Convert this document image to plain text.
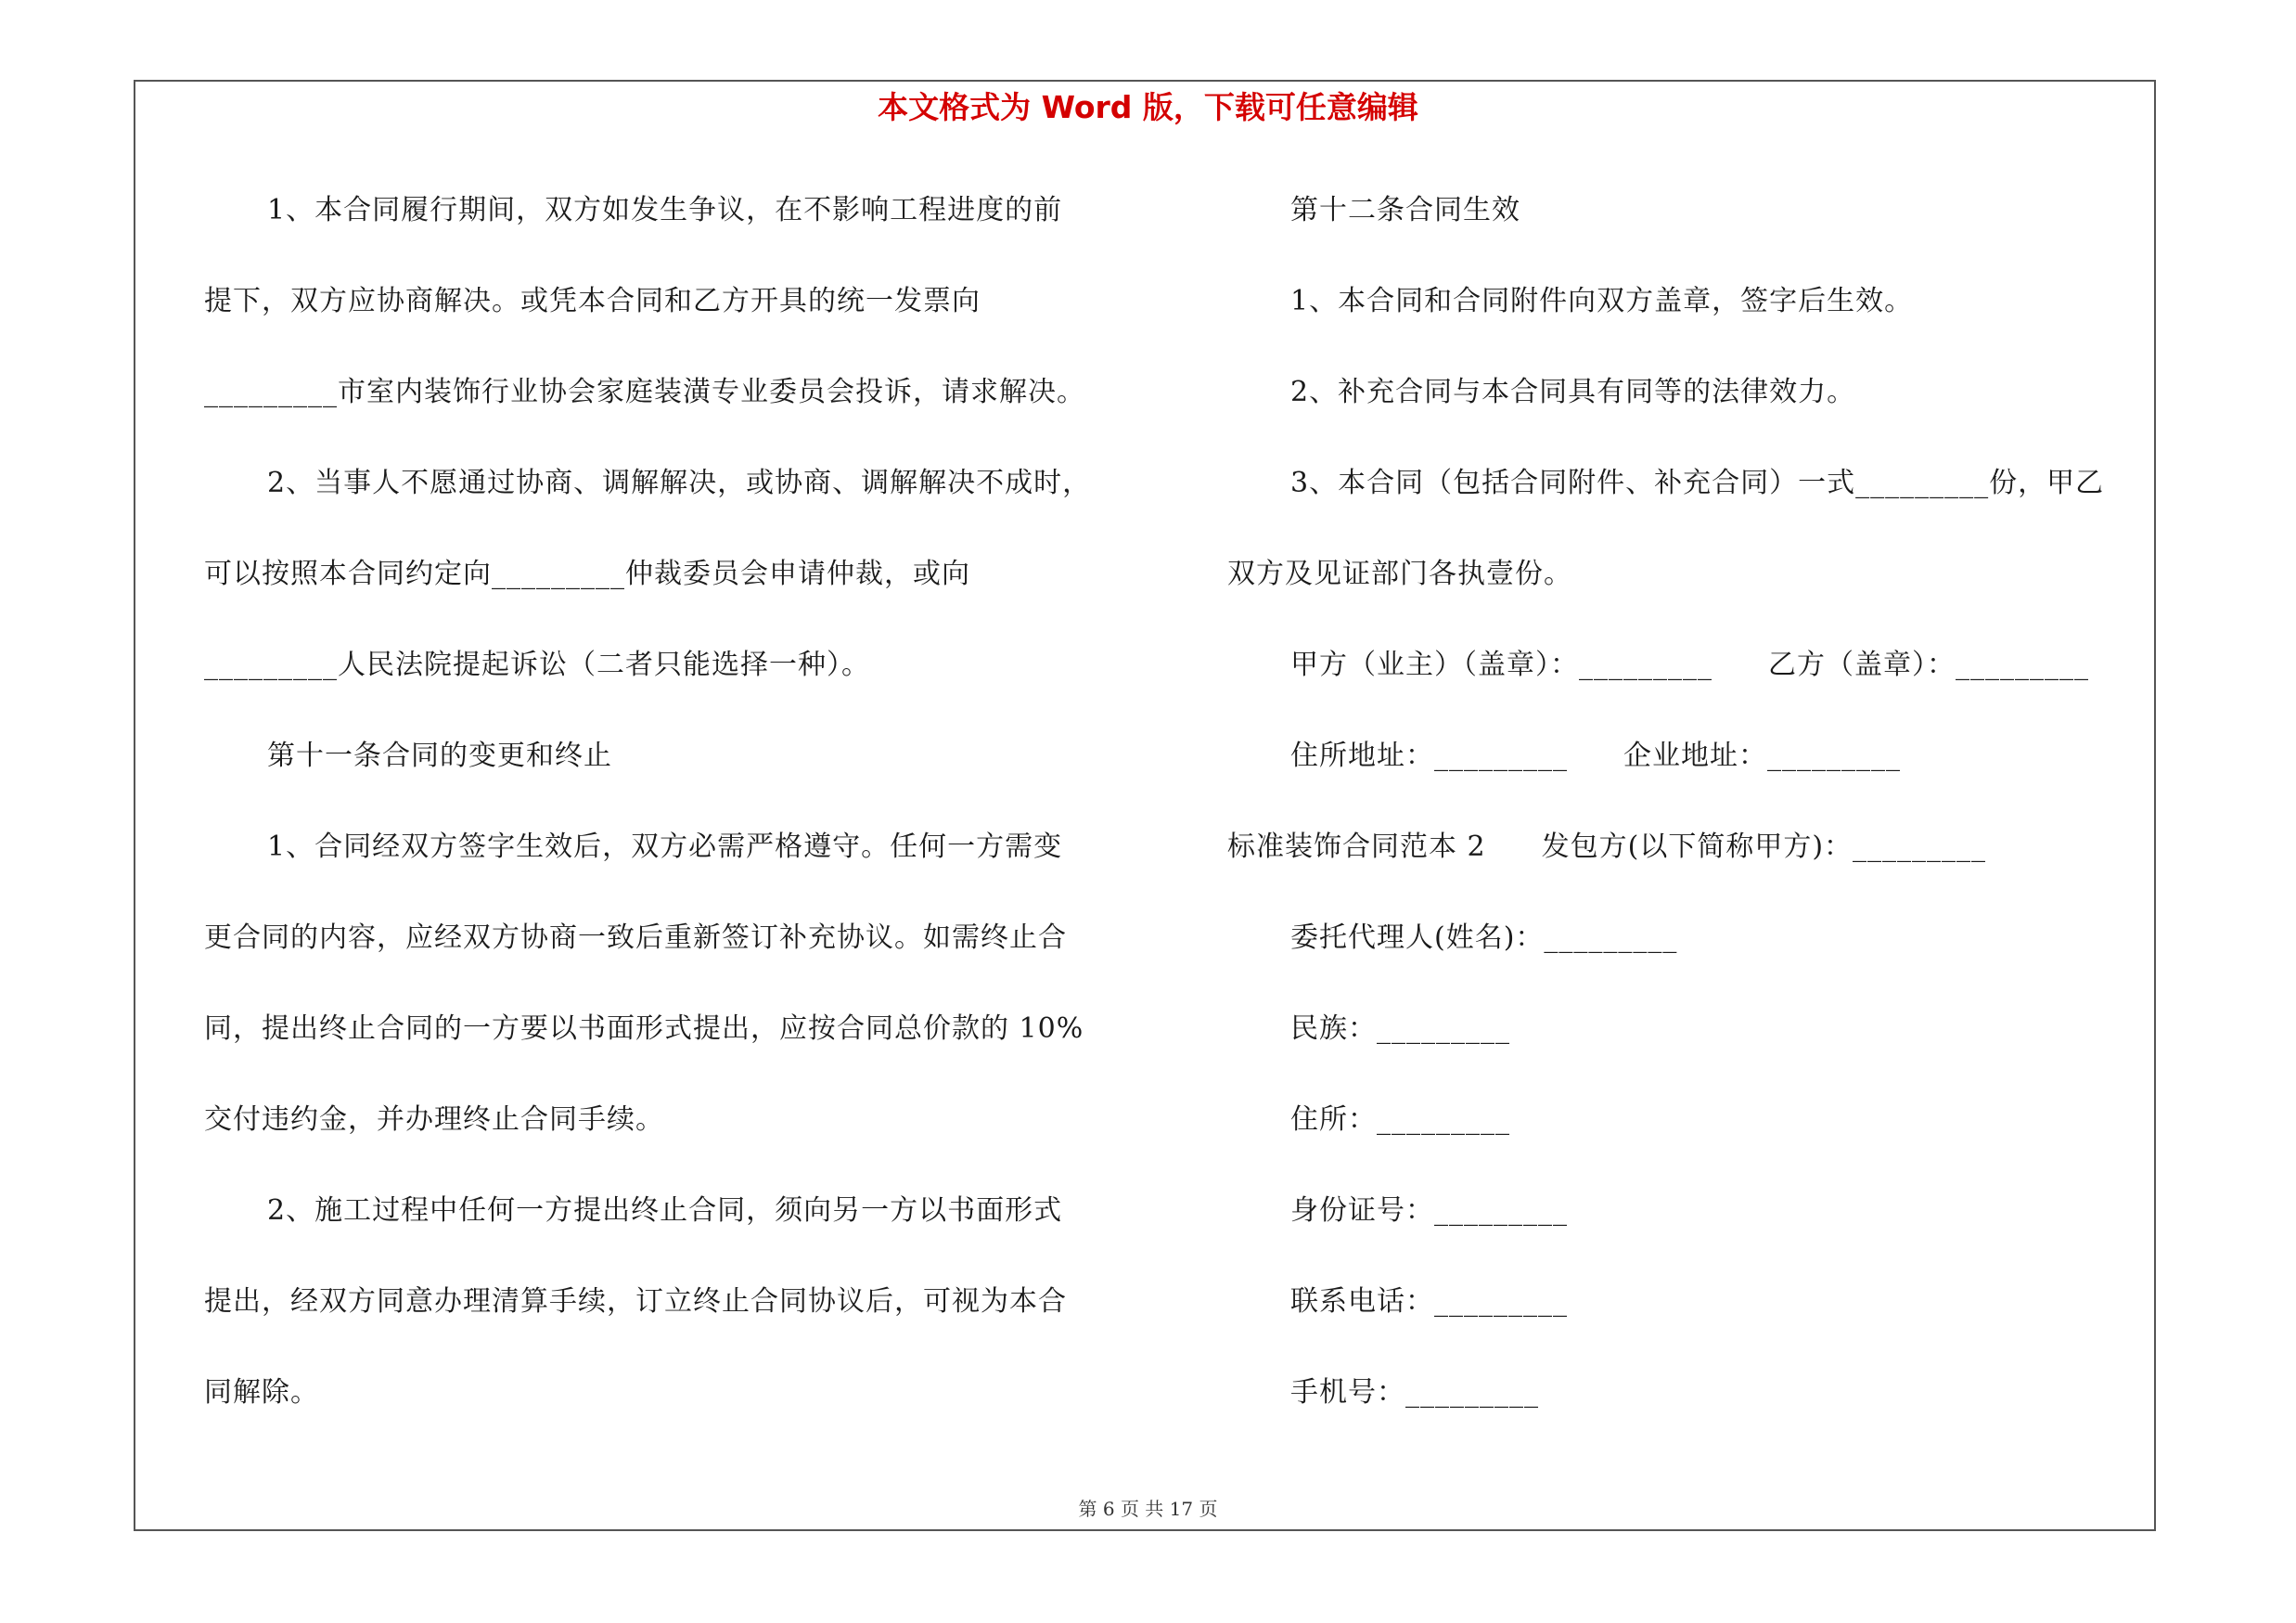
本文格式为 Word 版，下载可任意编辑
1、本合同履行期间，双方如发生争议，在不影响工程进度的前
提下，双方应协商解决。或凭本合同和乙方开具的统一发票向
_________市室内装饰行业协会家庭装潢专业委员会投诉，请求解决。
2、当事人不愿通过协商、调解解决，或协商、调解解决不成时，
可以按照本合同约定向_________仲裁委员会申请仲裁，或向
_________人民法院提起诉讼（二者只能选择一种）。
第十一条合同的变更和终止
1、合同经双方签字生效后，双方必需严格遵守。任何一方需变
更合同的内容，应经双方协商一致后重新签订补充协议。如需终止合
同，提出终止合同的一方要以书面形式提出，应按合同总价款的 10%
交付违约金，并办理终止合同手续。
2、施工过程中任何一方提出终止合同，须向另一方以书面形式
提出，经双方同意办理清算手续，订立终止合同协议后，可视为本合
同解除。
第十二条合同生效
1、本合同和合同附件向双方盖章，签字后生效。
2、补充合同与本合同具有同等的法律效力。
3、本合同（包括合同附件、补充合同）一式_________份，甲乙
双方及见证部门各执壹份。
甲方（业主）（盖章）：_________ 乙方（盖章）：_________
住所地址：_________ 企业地址：_________
标准装饰合同范本 2 发包方(以下简称甲方)：_________
委托代理人(姓名)：_________
民族：_________
住所：_________
身份证号：_________
联系电话：_________
手机号：_________
第 6 页 共 17 页
